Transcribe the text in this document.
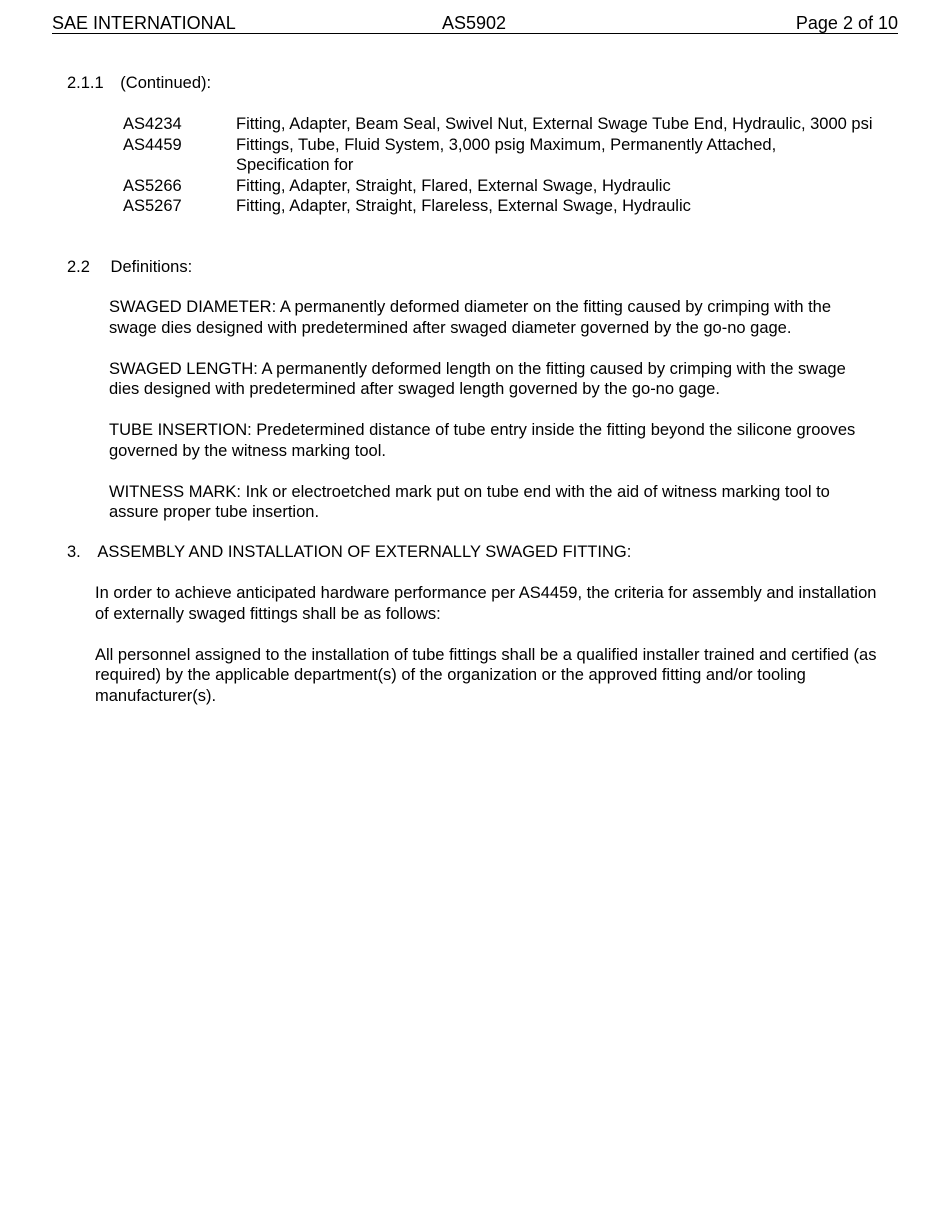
SAE INTERNATIONAL	AS5902	Page 2 of 10
2.1.1 (Continued):
AS4234	Fitting, Adapter, Beam Seal, Swivel Nut, External Swage Tube End, Hydraulic, 3000 psi
AS4459	Fittings, Tube, Fluid System, 3,000 psig Maximum, Permanently Attached, Specification for
AS5266	Fitting, Adapter, Straight, Flared, External Swage, Hydraulic
AS5267	Fitting, Adapter, Straight, Flareless, External Swage, Hydraulic
2.2 Definitions:

SWAGED DIAMETER: A permanently deformed diameter on the fitting caused by crimping with the swage dies designed with predetermined after swaged diameter governed by the go-no gage.

SWAGED LENGTH: A permanently deformed length on the fitting caused by crimping with the swage dies designed with predetermined after swaged length governed by the go-no gage.

TUBE INSERTION: Predetermined distance of tube entry inside the fitting beyond the silicone grooves governed by the witness marking tool.

WITNESS MARK: Ink or electroetched mark put on tube end with the aid of witness marking tool to assure proper tube insertion.

3. ASSEMBLY AND INSTALLATION OF EXTERNALLY SWAGED FITTING:

In order to achieve anticipated hardware performance per AS4459, the criteria for assembly and installation of externally swaged fittings shall be as follows:

All personnel assigned to the installation of tube fittings shall be a qualified installer trained and certified (as required) by the applicable department(s) of the organization or the approved fitting and/or tooling manufacturer(s).
